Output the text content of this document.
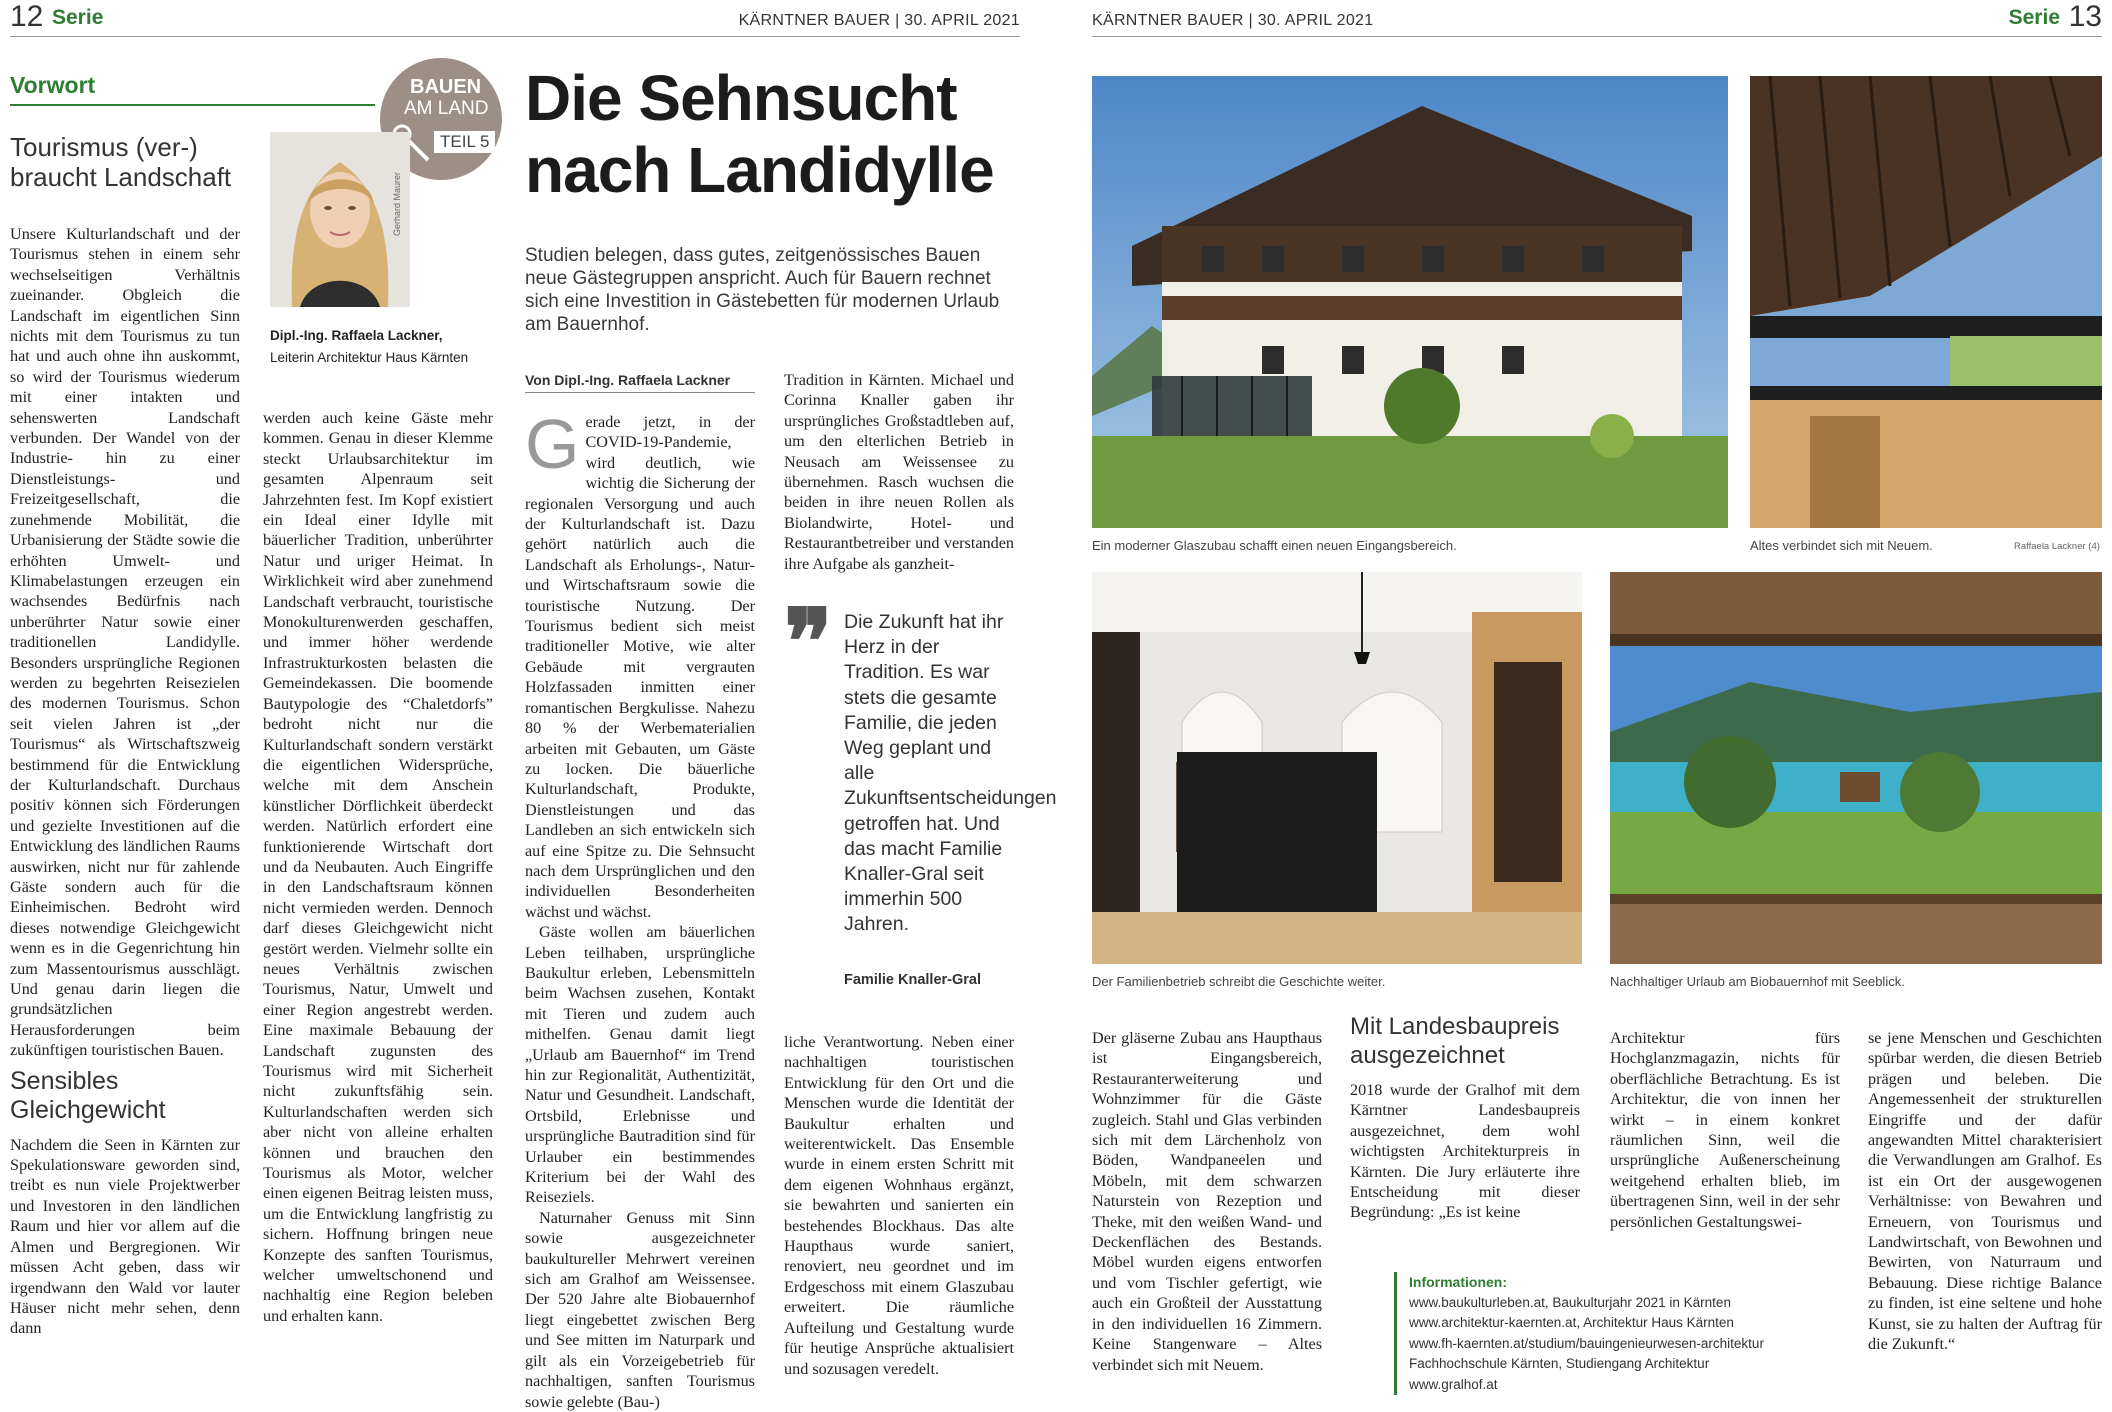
12 Serie	KÄRNTNER BAUER | 30. APRIL 2021
Vorwort	BAUEN
AM LAND
TEIL 5
Tourismus (ver-) braucht Landschaft	Gerhard Maurer
Dipl.-Ing. Raffaela Lackner,
Leiterin Architektur Haus Kärnten

Unsere Kulturlandschaft und der Tourismus stehen in einem sehr wechselseitigen Verhältnis zueinander. Obgleich die Landschaft im eigentlichen Sinn nichts mit dem Tourismus zu tun hat und auch ohne ihn auskommt, so wird der Tourismus wiederum mit einer intakten und sehenswerten Landschaft verbunden. Der Wandel von der Industrie- hin zu einer Dienstleistungs- und Freizeitgesellschaft, die zunehmende Mobilität, die Urbanisierung der Städte sowie die erhöhten Umwelt- und Klimabelastungen erzeugen ein wachsendes Bedürfnis nach unberührter Natur sowie einer traditionellen Landidylle. Besonders ursprüngliche Regionen werden zu begehrten Reisezielen des modernen Tourismus. Schon seit vielen Jahren ist „der Tourismus“ als Wirtschaftszweig bestimmend für die Entwicklung der Kulturlandschaft. Durchaus positiv können sich Förderungen und gezielte Investitionen auf die Entwicklung des ländlichen Raums auswirken, nicht nur für zahlende Gäste sondern auch für die Einheimischen. Bedroht wird dieses notwendige Gleichgewicht wenn es in die Gegenrichtung hin zum Massentourismus ausschlägt. Und genau darin liegen die grundsätzlichen Herausforderungen beim zukünftigen touristischen Bauen.

Sensibles Gleichgewicht

Nachdem die Seen in Kärnten zur Spekulationsware geworden sind, treibt es nun viele Projektwerber und Investoren in den ländlichen Raum und hier vor allem auf die Almen und Bergregionen. Wir müssen Acht geben, dass wir irgendwann den Wald vor lauter Häuser nicht mehr sehen, denn dann

werden auch keine Gäste mehr kommen. Genau in dieser Klemme steckt Urlaubsarchitektur im gesamten Alpenraum seit Jahrzehnten fest. Im Kopf existiert ein Ideal einer Idylle mit bäuerlicher Tradition, unberührter Natur und uriger Heimat. In Wirklichkeit wird aber zunehmend Landschaft verbraucht, touristische Monokulturenwerden geschaffen, und immer höher werdende Infrastrukturkosten belasten die Gemeindekassen. Die boomende Bautypologie des “Chaletdorfs” bedroht nicht nur die Kulturlandschaft sondern verstärkt die eigentlichen Widersprüche, welche mit dem Anschein künstlicher Dörflichkeit überdeckt werden. Natürlich erfordert eine funktionierende Wirtschaft dort und da Neubauten. Auch Eingriffe in den Landschaftsraum können nicht vermieden werden. Dennoch darf dieses Gleichgewicht nicht gestört werden. Vielmehr sollte ein neues Verhältnis zwischen Tourismus, Natur, Umwelt und einer Region angestrebt werden. Eine maximale Bebauung der Landschaft zugunsten des Tourismus wird mit Sicherheit nicht zukunftsfähig sein. Kulturlandschaften werden sich aber nicht von alleine erhalten können und brauchen den Tourismus als Motor, welcher einen eigenen Beitrag leisten muss, um die Entwicklung langfristig zu sichern. Hoffnung bringen neue Konzepte des sanften Tourismus, welcher umweltschonend und nachhaltig eine Region beleben und erhalten kann.

Die Sehnsucht nach Landidylle
Studien belegen, dass gutes, zeitgenössisches Bauen neue Gästegruppen anspricht. Auch für Bauern rechnet sich eine Investition in Gästebetten für modernen Urlaub am Bauernhof.
Von Dipl.-Ing. Raffaela Lackner

Gerade jetzt, in der COVID-19-Pandemie, wird deutlich, wie wichtig die Sicherung der regionalen Versorgung und auch der Kulturlandschaft ist. Dazu gehört natürlich auch die Landschaft als Erholungs-, Natur- und Wirtschaftsraum sowie die touristische Nutzung. Der Tourismus bedient sich meist traditioneller Motive, wie alter Gebäude mit vergrauten Holzfassaden inmitten einer romantischen Bergkulisse. Nahezu 80 % der Werbematerialien arbeiten mit Gebauten, um Gäste zu locken. Die bäuerliche Kulturlandschaft, Produkte, Dienstleistungen und das Landleben an sich entwickeln sich auf eine Spitze zu. Die Sehnsucht nach dem Ursprünglichen und den individuellen Besonderheiten wächst und wächst.

Gäste wollen am bäuerlichen Leben teilhaben, ursprüngliche Baukultur erleben, Lebensmitteln beim Wachsen zusehen, Kontakt mit Tieren und zudem auch mithelfen. Genau damit liegt „Urlaub am Bauernhof“ im Trend hin zur Regionalität, Authentizität, Natur und Gesundheit. Landschaft, Ortsbild, Erlebnisse und ursprüngliche Bautradition sind für Urlauber ein bestimmendes Kriterium bei der Wahl des Reiseziels.

Naturnaher Genuss mit Sinn sowie ausgezeichneter baukultureller Mehrwert vereinen sich am Gralhof am Weissensee. Der 520 Jahre alte Biobauernhof liegt eingebettet zwischen Berg und See mitten im Naturpark und gilt als ein Vorzeigebetrieb für nachhaltigen, sanften Tourismus sowie gelebte (Bau-)

Tradition in Kärnten. Michael und Corinna Knaller gaben ihr ursprüngliches Großstadtleben auf, um den elterlichen Betrieb in Neusach am Weissensee zu übernehmen. Rasch wuchsen die beiden in ihre neuen Rollen als Biolandwirte, Hotel- und Restaurantbetreiber und verstanden ihre Aufgabe als ganzheit-

❞ Die Zukunft hat ihr Herz in der Tradition. Es war stets die gesamte Familie, die jeden Weg geplant und alle Zukunftsentscheidungen getroffen hat. Und das macht Familie Knaller-Gral seit immerhin 500 Jahren.
Familie Knaller-Gral

liche Verantwortung. Neben einer nachhaltigen touristischen Entwicklung für den Ort und die Menschen wurde die Identität der Baukultur erhalten und weiterentwickelt. Das Ensemble wurde in einem ersten Schritt mit dem eigenen Wohnhaus ergänzt, sie bewahrten und sanierten ein bestehendes Blockhaus. Das alte Haupthaus wurde saniert, renoviert, neu geordnet und im Erdgeschoss mit einem Glaszubau erweitert. Die räumliche Aufteilung und Gestaltung wurde für heutige Ansprüche aktualisiert und sozusagen veredelt.

KÄRNTNER BAUER | 30. APRIL 2021	Serie 13
Ein moderner Glaszubau schafft einen neuen Eingangsbereich.	Altes verbindet sich mit Neuem.	Raffaela Lackner (4)
Der Familienbetrieb schreibt die Geschichte weiter.	Nachhaltiger Urlaub am Biobauernhof mit Seeblick.

Der gläserne Zubau ans Haupthaus ist Eingangsbereich, Restauranterweiterung und Wohnzimmer für die Gäste zugleich. Stahl und Glas verbinden sich mit dem Lärchenholz von Böden, Wandpaneelen und Möbeln, mit dem schwarzen Naturstein von Rezeption und Theke, mit den weißen Wand- und Deckenflächen des Bestands. Möbel wurden eigens entworfen und vom Tischler gefertigt, wie auch ein Großteil der Ausstattung in den individuellen 16 Zimmern. Keine Stangenware – Altes verbindet sich mit Neuem.

Mit Landesbaupreis ausgezeichnet

2018 wurde der Gralhof mit dem Kärntner Landesbaupreis ausgezeichnet, dem wohl wichtigsten Architekturpreis in Kärnten. Die Jury erläuterte ihre Entscheidung mit dieser Begründung: „Es ist keine

Architektur fürs Hochglanzmagazin, nichts für oberflächliche Betrachtung. Es ist Architektur, die von innen her wirkt – in einem konkret räumlichen Sinn, weil die ursprüngliche Außenerscheinung weitgehend erhalten blieb, im übertragenen Sinn, weil in der sehr persönlichen Gestaltungswei-

se jene Menschen und Geschichten spürbar werden, die diesen Betrieb prägen und beleben. Die Angemessenheit der strukturellen Eingriffe und der dafür angewandten Mittel charakterisiert die Verwandlungen am Gralhof. Es ist ein Ort der ausgewogenen Verhältnisse: von Bewahren und Erneuern, von Tourismus und Landwirtschaft, von Bewohnen und Bewirten, von Naturraum und Bebauung. Diese richtige Balance zu finden, ist eine seltene und hohe Kunst, sie zu halten der Auftrag für die Zukunft.“

Informationen:
www.baukulturleben.at, Baukulturjahr 2021 in Kärnten
www.architektur-kaernten.at, Architektur Haus Kärnten
www.fh-kaernten.at/studium/bauingenieurwesen-architektur
Fachhochschule Kärnten, Studiengang Architektur
www.gralhof.at
